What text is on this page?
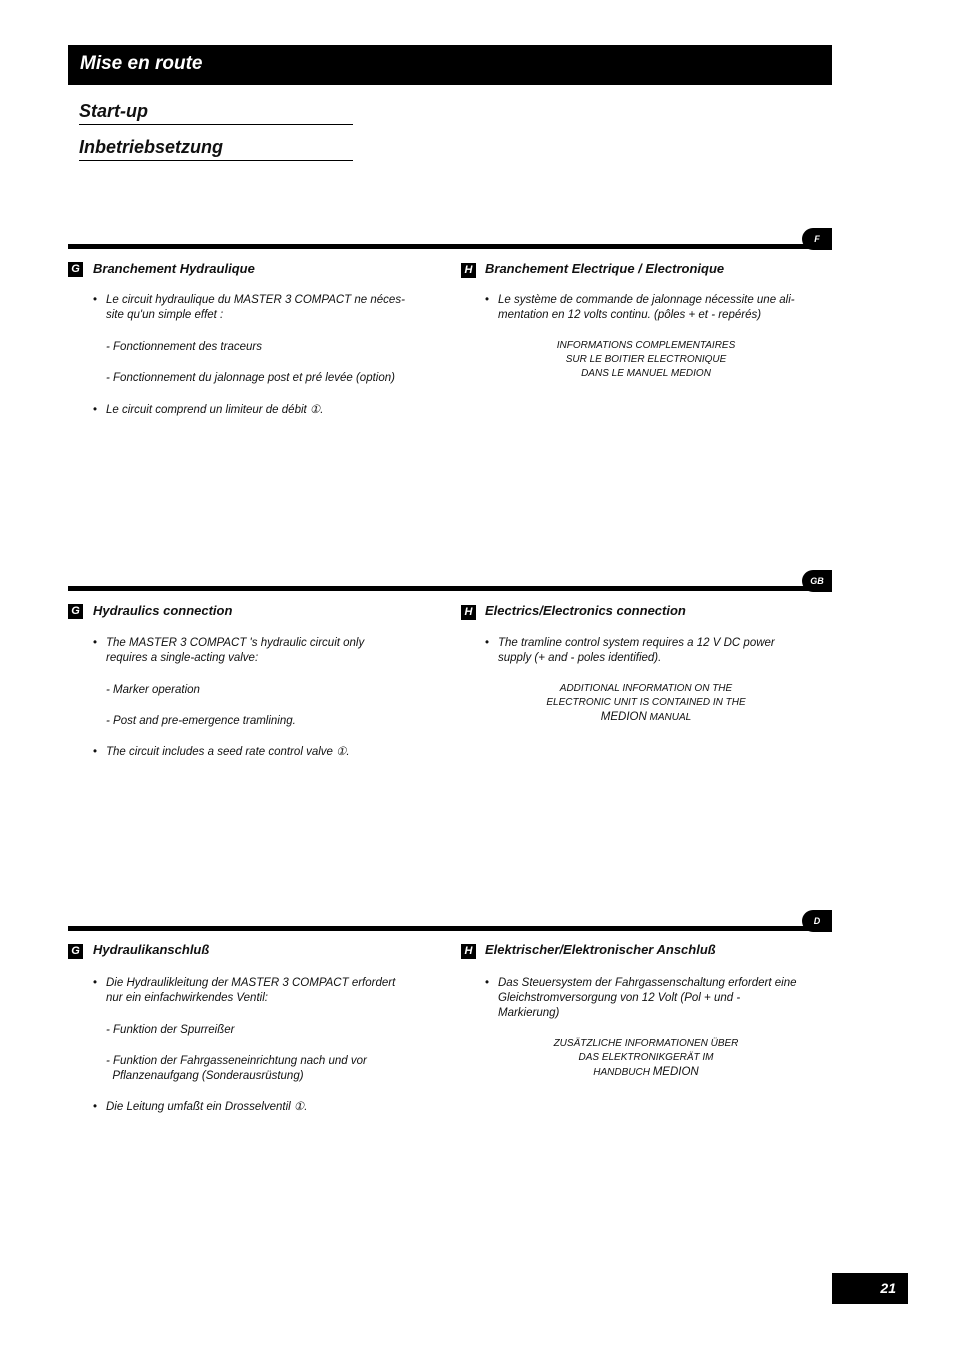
Mise en route
Start-up
Inbetriebsetzung
F
G Branchement Hydraulique
• Le circuit hydraulique du MASTER 3 COMPACT ne néces-
site qu'un simple effet :
- Fonctionnement des traceurs
- Fonctionnement du jalonnage post et pré levée (option)
• Le circuit comprend un limiteur de débit ①.
H Branchement Electrique / Electronique
• Le système de commande de jalonnage nécessite une ali-
mentation en 12 volts continu. (pôles + et - repérés)
INFORMATIONS COMPLEMENTAIRES
SUR LE BOITIER ELECTRONIQUE
DANS LE MANUEL MEDION
GB
G Hydraulics connection
• The MASTER 3 COMPACT 's hydraulic circuit only
requires a single-acting valve:
- Marker operation
- Post and pre-emergence tramlining.
• The circuit includes a seed rate control valve ①.
H Electrics/Electronics connection
• The tramline control system requires a 12 V DC power
supply (+ and - poles identified).
ADDITIONAL INFORMATION ON THE
ELECTRONIC UNIT IS CONTAINED IN THE
MEDION MANUAL
D
G Hydraulikanschluß
• Die Hydraulikleitung der MASTER 3 COMPACT erfordert
nur ein einfachwirkendes Ventil:
- Funktion der Spurreißer
- Funktion der Fahrgasseneinrichtung nach und vor
Pflanzenaufgang (Sonderausrüstung)
• Die Leitung umfaßt ein Drosselventil ①.
H Elektrischer/Elektronischer Anschluß
• Das Steuersystem der Fahrgassenschaltung erfordert eine
Gleichstromversorgung von 12 Volt (Pol + und -
Markierung)
ZUSÄTZLICHE INFORMATIONEN ÜBER
DAS ELEKTRONIKGERÄT IM
HANDBUCH MEDION
21
